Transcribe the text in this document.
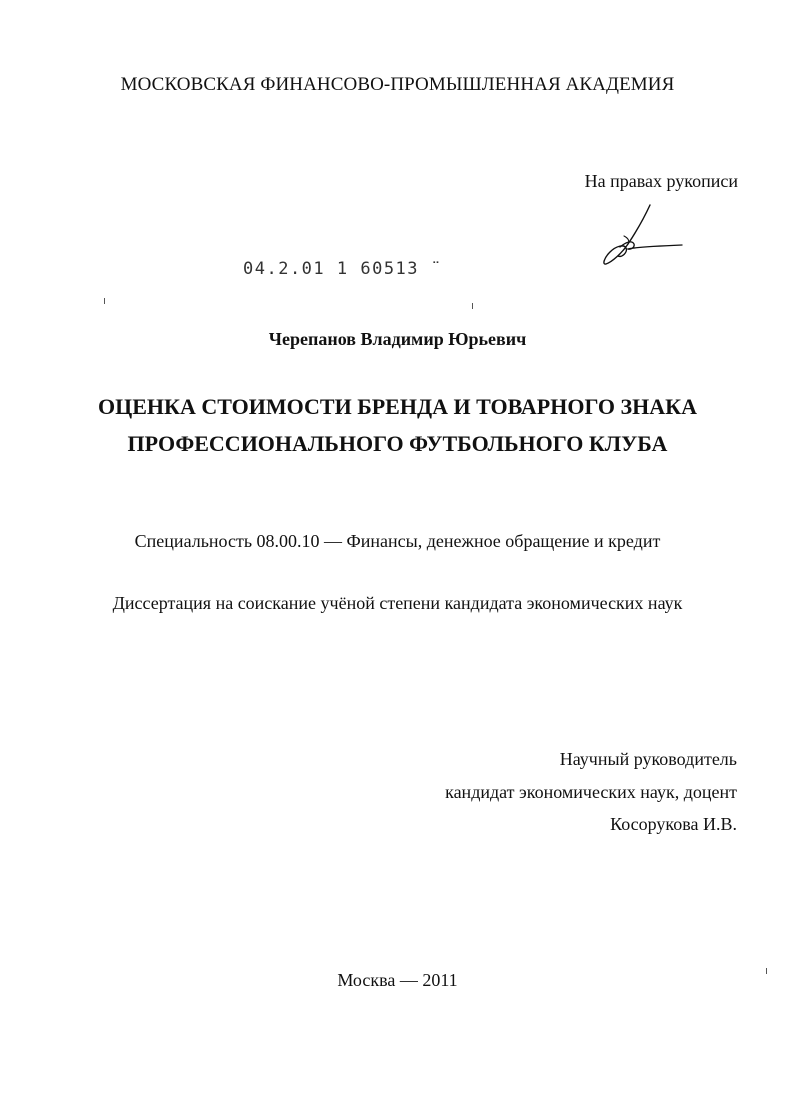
МОСКОВСКАЯ ФИНАНСОВО-ПРОМЫШЛЕННАЯ АКАДЕМИЯ
На правах рукописи
04.2.01 1 60513 ¨
Черепанов Владимир Юрьевич
ОЦЕНКА СТОИМОСТИ БРЕНДА И ТОВАРНОГО ЗНАКА
ПРОФЕССИОНАЛЬНОГО ФУТБОЛЬНОГО КЛУБА
Специальность 08.00.10 — Финансы, денежное обращение и кредит
Диссертация на соискание учёной степени кандидата экономических наук
Научный руководитель
кандидат экономических наук, доцент
Косорукова И.В.
Москва — 2011
